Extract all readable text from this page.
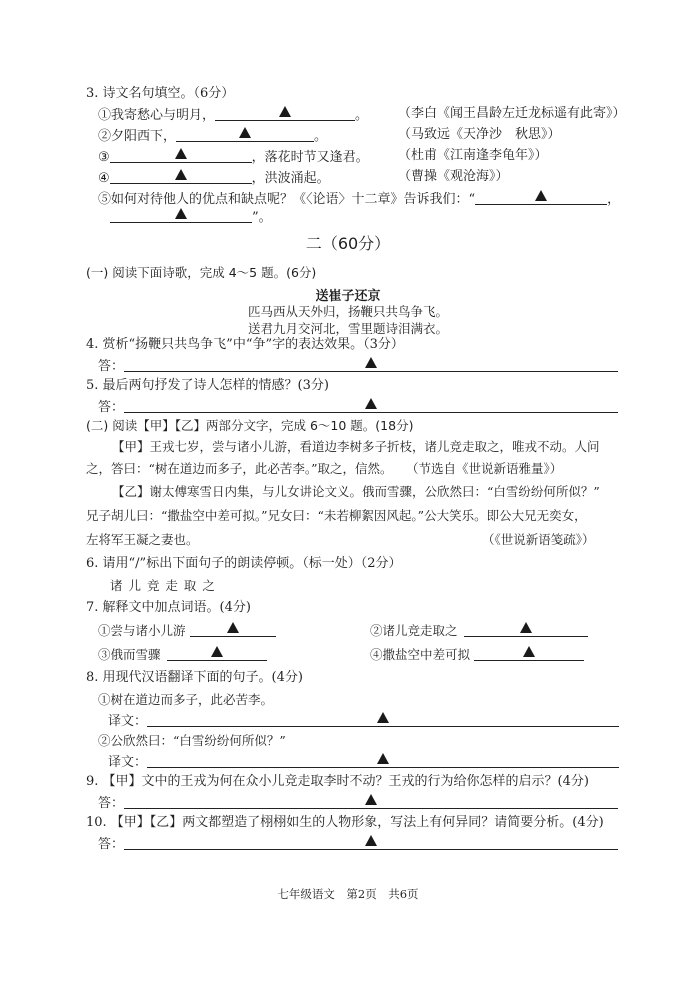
3. 诗文名句填空。（6分）
①我寄愁心与明月，	。 （李白《闻王昌龄左迁龙标遥有此寄》）
②夕阳西下，	。	（马致远《天净沙　秋思》）
③	，落花时节又逢君。 （杜甫《江南逢李龟年》）
④	，洪波涌起。	（曹操《观沧海》）
⑤如何对待他人的优点和缺点呢？《〈论语〉十二章》告诉我们：“	，
”。
二（60分）
(一) 阅读下面诗歌，完成 4～5 题。(6分)
送崔子还京
匹马西从天外归，扬鞭只共鸟争飞。
送君九月交河北，雪里题诗泪满衣。
4. 赏析“扬鞭只共鸟争飞”中“争”字的表达效果。（3分）
答：
5. 最后两句抒发了诗人怎样的情感？(3分)
答：
(二) 阅读【甲】【乙】两部分文字，完成 6～10 题。(18分)
【甲】王戎七岁，尝与诸小儿游，看道边李树多子折枝，诸儿竞走取之，唯戎不动。人问
之，答曰：“树在道边而多子，此必苦李。”取之，信然。 （节选自《世说新语雅量》）
【乙】谢太傅寒雪日内集，与儿女讲论文义。俄而雪骤，公欣然曰：“白雪纷纷何所似？”
兄子胡儿曰：“撒盐空中差可拟。”兄女曰：“未若柳絮因风起。”公大笑乐。即公大兄无奕女，
左将军王凝之妻也。	（《世说新语笺疏》）
6. 请用“/”标出下面句子的朗读停顿。（标一处）（2分）
诸 儿 竞 走 取 之
7. 解释文中加点词语。(4分)
①尝与诸小儿游	②诸儿竞走取之
③俄而雪骤	④撒盐空中差可拟
8. 用现代汉语翻译下面的句子。(4分)
①树在道边而多子，此必苦李。
译文：
②公欣然曰：“白雪纷纷何所似？”
译文：
9. 【甲】文中的王戎为何在众小儿竞走取李时不动？王戎的行为给你怎样的启示？(4分)
答：
10. 【甲】【乙】两文都塑造了栩栩如生的人物形象，写法上有何异同？请简要分析。(4分)
答：
七年级语文　第2页　共6页
